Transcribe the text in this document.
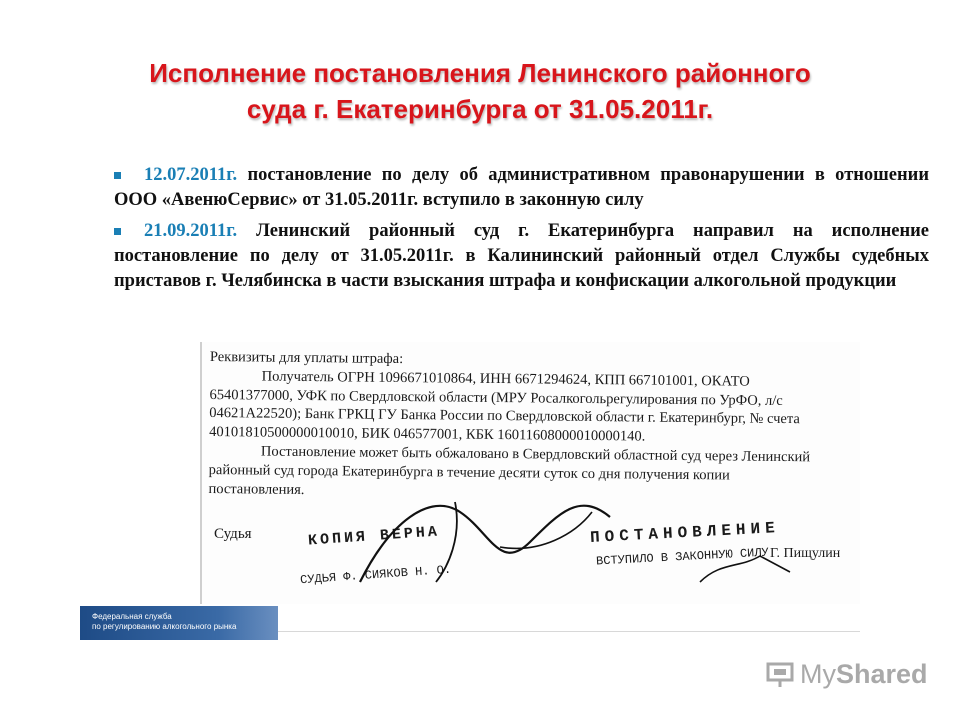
Исполнение постановления Ленинского районного
суда г. Екатеринбурга от 31.05.2011г.
12.07.2011г. постановление по делу об административном правонарушении в отношении ООО «АвенюСервис» от 31.05.2011г. вступило в законную силу
21.09.2011г. Ленинский районный суд г. Екатеринбурга направил на исполнение постановление по делу от 31.05.2011г. в Калининский районный отдел Службы судебных приставов г. Челябинска в части взыскания штрафа и конфискации алкогольной продукции
Реквизиты для уплаты штрафа:
Получатель ОГРН 1096671010864, ИНН 6671294624, КПП 667101001, ОКАТО
65401377000, УФК по Свердловской области (МРУ Росалкогольрегулирования по УрФО, л/с
04621A22520); Банк ГРКЦ ГУ Банка России по Свердловской области г. Екатеринбург, № счета
40101810500000010010, БИК 046577001, КБК 16011608000010000140.
Постановление может быть обжаловано в Свердловский областной суд через Ленинский
районный суд города Екатеринбурга в течение десяти суток со дня получения копии
постановления.
Судья	КОПИЯ ВЕРНА
СУДЬЯ Ф. СИЯКОВ Н. О.
ПОСТАНОВЛЕНИЕ
ВСТУПИЛО В ЗАКОННУЮ СИЛУ Г. Пищулин
Федеральная служба
по регулированию алкогольного рынка
My Shared
